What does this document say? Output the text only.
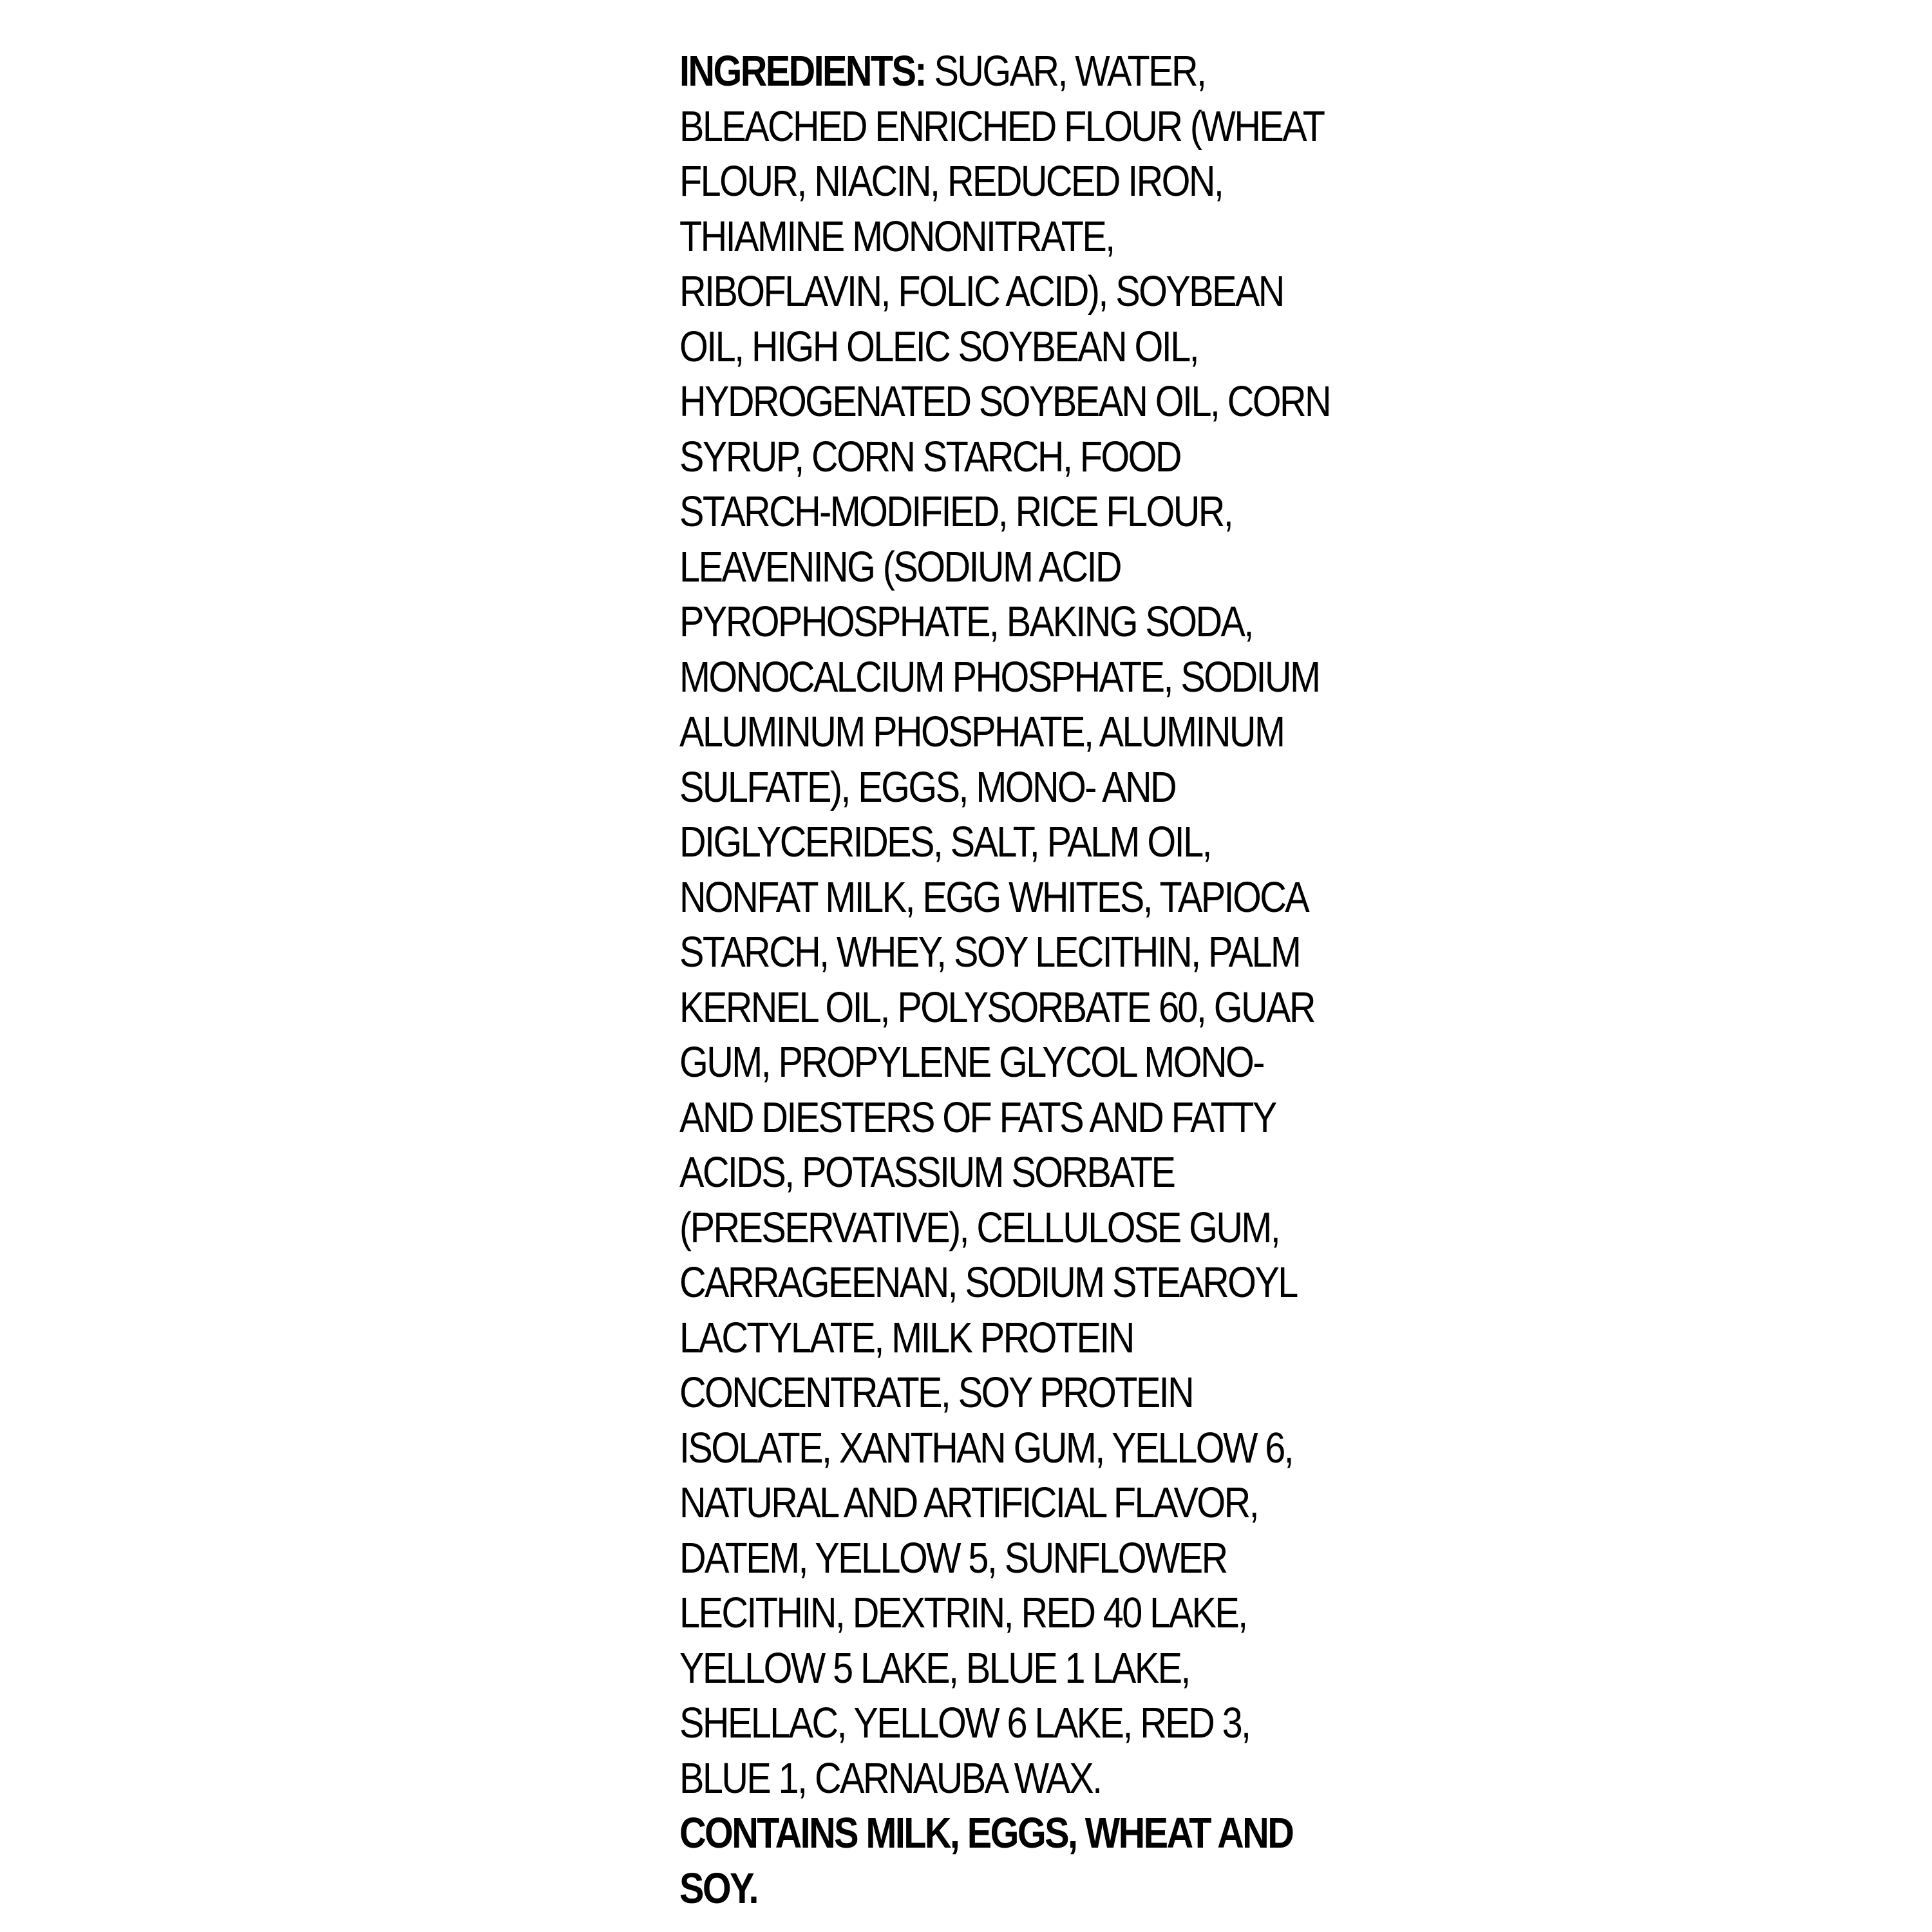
INGREDIENTS: SUGAR, WATER,
BLEACHED ENRICHED FLOUR (WHEAT
FLOUR, NIACIN, REDUCED IRON,
THIAMINE MONONITRATE,
RIBOFLAVIN, FOLIC ACID), SOYBEAN
OIL, HIGH OLEIC SOYBEAN OIL,
HYDROGENATED SOYBEAN OIL, CORN
SYRUP, CORN STARCH, FOOD
STARCH-MODIFIED, RICE FLOUR,
LEAVENING (SODIUM ACID
PYROPHOSPHATE, BAKING SODA,
MONOCALCIUM PHOSPHATE, SODIUM
ALUMINUM PHOSPHATE, ALUMINUM
SULFATE), EGGS, MONO- AND
DIGLYCERIDES, SALT, PALM OIL,
NONFAT MILK, EGG WHITES, TAPIOCA
STARCH, WHEY, SOY LECITHIN, PALM
KERNEL OIL, POLYSORBATE 60, GUAR
GUM, PROPYLENE GLYCOL MONO-
AND DIESTERS OF FATS AND FATTY
ACIDS, POTASSIUM SORBATE
(PRESERVATIVE), CELLULOSE GUM,
CARRAGEENAN, SODIUM STEAROYL
LACTYLATE, MILK PROTEIN
CONCENTRATE, SOY PROTEIN
ISOLATE, XANTHAN GUM, YELLOW 6,
NATURAL AND ARTIFICIAL FLAVOR,
DATEM, YELLOW 5, SUNFLOWER
LECITHIN, DEXTRIN, RED 40 LAKE,
YELLOW 5 LAKE, BLUE 1 LAKE,
SHELLAC, YELLOW 6 LAKE, RED 3,
BLUE 1, CARNAUBA WAX.
CONTAINS MILK, EGGS, WHEAT AND
SOY.
